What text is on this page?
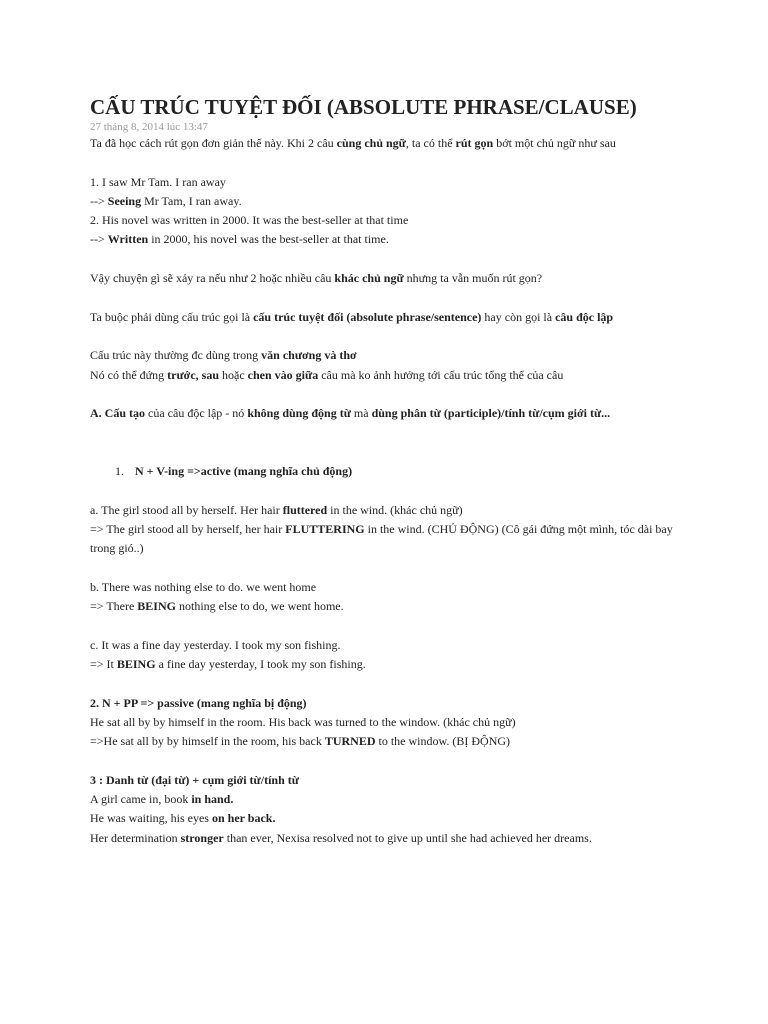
CẤU TRÚC TUYỆT ĐỐI (ABSOLUTE PHRASE/CLAUSE)
27 tháng 8, 2014 lúc 13:47
Ta đã học cách rút gọn đơn giản thế này. Khi 2 câu cùng chủ ngữ, ta có thể rút gọn bớt một chủ ngữ như sau
1. I saw Mr Tam. I ran away
--> Seeing Mr Tam, I ran away.
2. His novel was written in 2000. It was the best-seller at that time
--> Written in 2000, his novel was the best-seller at that time.
Vậy chuyện gì sẽ xảy ra nếu như 2 hoặc nhiều câu khác chủ ngữ nhưng ta vẫn muốn rút gọn?
Ta buộc phải dùng cấu trúc gọi là cấu trúc tuyệt đối (absolute phrase/sentence) hay còn gọi là câu độc lập
Cấu trúc này thường đc dùng trong văn chương và thơ
Nó có thể đứng trước, sau hoặc chen vào giữa câu mà ko ảnh hưởng tới cấu trúc tổng thể của câu
A. Cấu tạo của câu độc lập - nó không dùng động từ mà dùng phân từ (participle)/tính từ/cụm giới từ...
1. N + V-ing =>active (mang nghĩa chủ động)
a. The girl stood all by herself. Her hair fluttered in the wind. (khác chủ ngữ)
=> The girl stood all by herself, her hair FLUTTERING in the wind. (CHỦ ĐỘNG) (Cô gái đứng một mình, tóc dài bay trong gió..)
b. There was nothing else to do. we went home
=> There BEING nothing else to do, we went home.
c. It was a fine day yesterday. I took my son fishing.
=> It BEING a fine day yesterday, I took my son fishing.
2. N + PP => passive (mang nghĩa bị động)
He sat all by by himself in the room. His back was turned to the window. (khác chủ ngữ)
=>He sat all by by himself in the room, his back TURNED to the window. (BỊ ĐỘNG)
3 : Danh từ (đại từ) + cụm giới từ/tính từ
A girl came in, book in hand.
He was waiting, his eyes on her back.
Her determination stronger than ever, Nexisa resolved not to give up until she had achieved her dreams.
